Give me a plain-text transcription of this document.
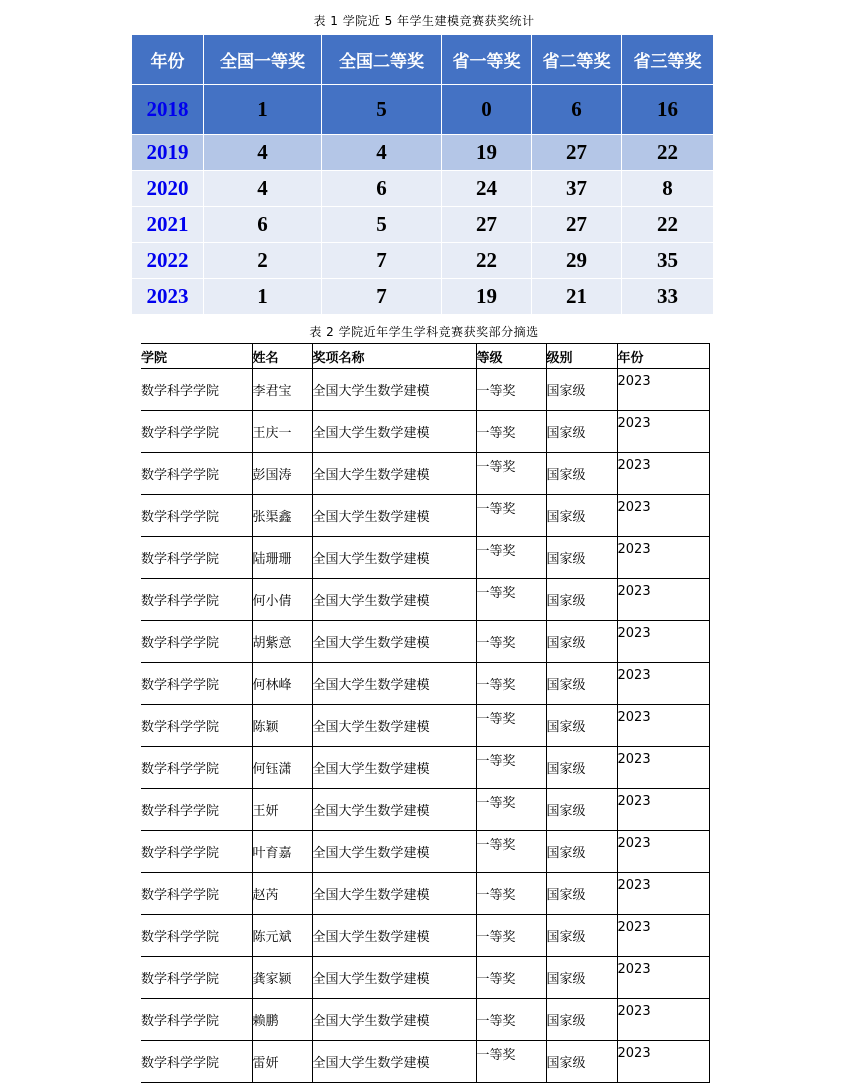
表 1 学院近 5 年学生建模竞赛获奖统计
年份	全国一等奖	全国二等奖	省一等奖	省二等奖	省三等奖
2018	1	5	0	6	16
2019	4	4	19	27	22
2020	4	6	24	37	8
2021	6	5	27	27	22
2022	2	7	22	29	35
2023	1	7	19	21	33
表 2 学院近年学生学科竞赛获奖部分摘选
学院	姓名	奖项名称	等级	级别	年份
数学科学学院	李君宝	全国大学生数学建模	一等奖	国家级	2023
数学科学学院	王庆一	全国大学生数学建模	一等奖	国家级	2023
数学科学学院	彭国涛	全国大学生数学建模	一等奖	国家级	2023
数学科学学院	张渠鑫	全国大学生数学建模	一等奖	国家级	2023
数学科学学院	陆珊珊	全国大学生数学建模	一等奖	国家级	2023
数学科学学院	何小倩	全国大学生数学建模	一等奖	国家级	2023
数学科学学院	胡紫意	全国大学生数学建模	一等奖	国家级	2023
数学科学学院	何林峰	全国大学生数学建模	一等奖	国家级	2023
数学科学学院	陈颖	全国大学生数学建模	一等奖	国家级	2023
数学科学学院	何钰潇	全国大学生数学建模	一等奖	国家级	2023
数学科学学院	王妍	全国大学生数学建模	一等奖	国家级	2023
数学科学学院	叶育嘉	全国大学生数学建模	一等奖	国家级	2023
数学科学学院	赵芮	全国大学生数学建模	一等奖	国家级	2023
数学科学学院	陈元斌	全国大学生数学建模	一等奖	国家级	2023
数学科学学院	龚家颍	全国大学生数学建模	一等奖	国家级	2023
数学科学学院	赖鹏	全国大学生数学建模	一等奖	国家级	2023
数学科学学院	雷妍	全国大学生数学建模	一等奖	国家级	2023
